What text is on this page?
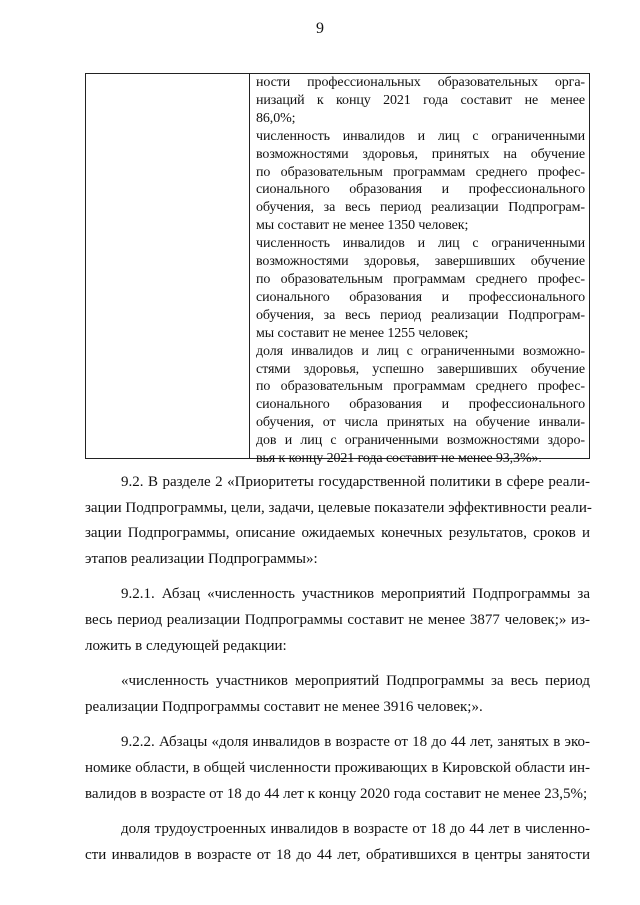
9
ности профессиональных образовательных орга-
низаций к концу 2021 года составит не менее
86,0%;
численность инвалидов и лиц с ограниченными
возможностями здоровья, принятых на обучение
по образовательным программам среднего профес-
сионального образования и профессионального
обучения, за весь период реализации Подпрограм-
мы составит не менее 1350 человек;
численность инвалидов и лиц с ограниченными
возможностями здоровья, завершивших обучение
по образовательным программам среднего профес-
сионального образования и профессионального
обучения, за весь период реализации Подпрограм-
мы составит не менее 1255 человек;
доля инвалидов и лиц с ограниченными возможно-
стями здоровья, успешно завершивших обучение
по образовательным программам среднего профес-
сионального образования и профессионального
обучения, от числа принятых на обучение инвали-
дов и лиц с ограниченными возможностями здоро-
вья к концу 2021 года составит не менее 93,3%».
9.2. В разделе 2 «Приоритеты государственной политики в сфере реали-
зации Подпрограммы, цели, задачи, целевые показатели эффективности реали-
зации Подпрограммы, описание ожидаемых конечных результатов, сроков и
этапов реализации Подпрограммы»:
9.2.1. Абзац «численность участников мероприятий Подпрограммы за
весь период реализации Подпрограммы составит не менее 3877 человек;» из-
ложить в следующей редакции:
«численность участников мероприятий Подпрограммы за весь период
реализации Подпрограммы составит не менее 3916 человек;».
9.2.2. Абзацы «доля инвалидов в возрасте от 18 до 44 лет, занятых в эко-
номике области, в общей численности проживающих в Кировской области ин-
валидов в возрасте от 18 до 44 лет к концу 2020 года составит не менее 23,5%;
доля трудоустроенных инвалидов в возрасте от 18 до 44 лет в численно-
сти инвалидов в возрасте от 18 до 44 лет, обратившихся в центры занятости
